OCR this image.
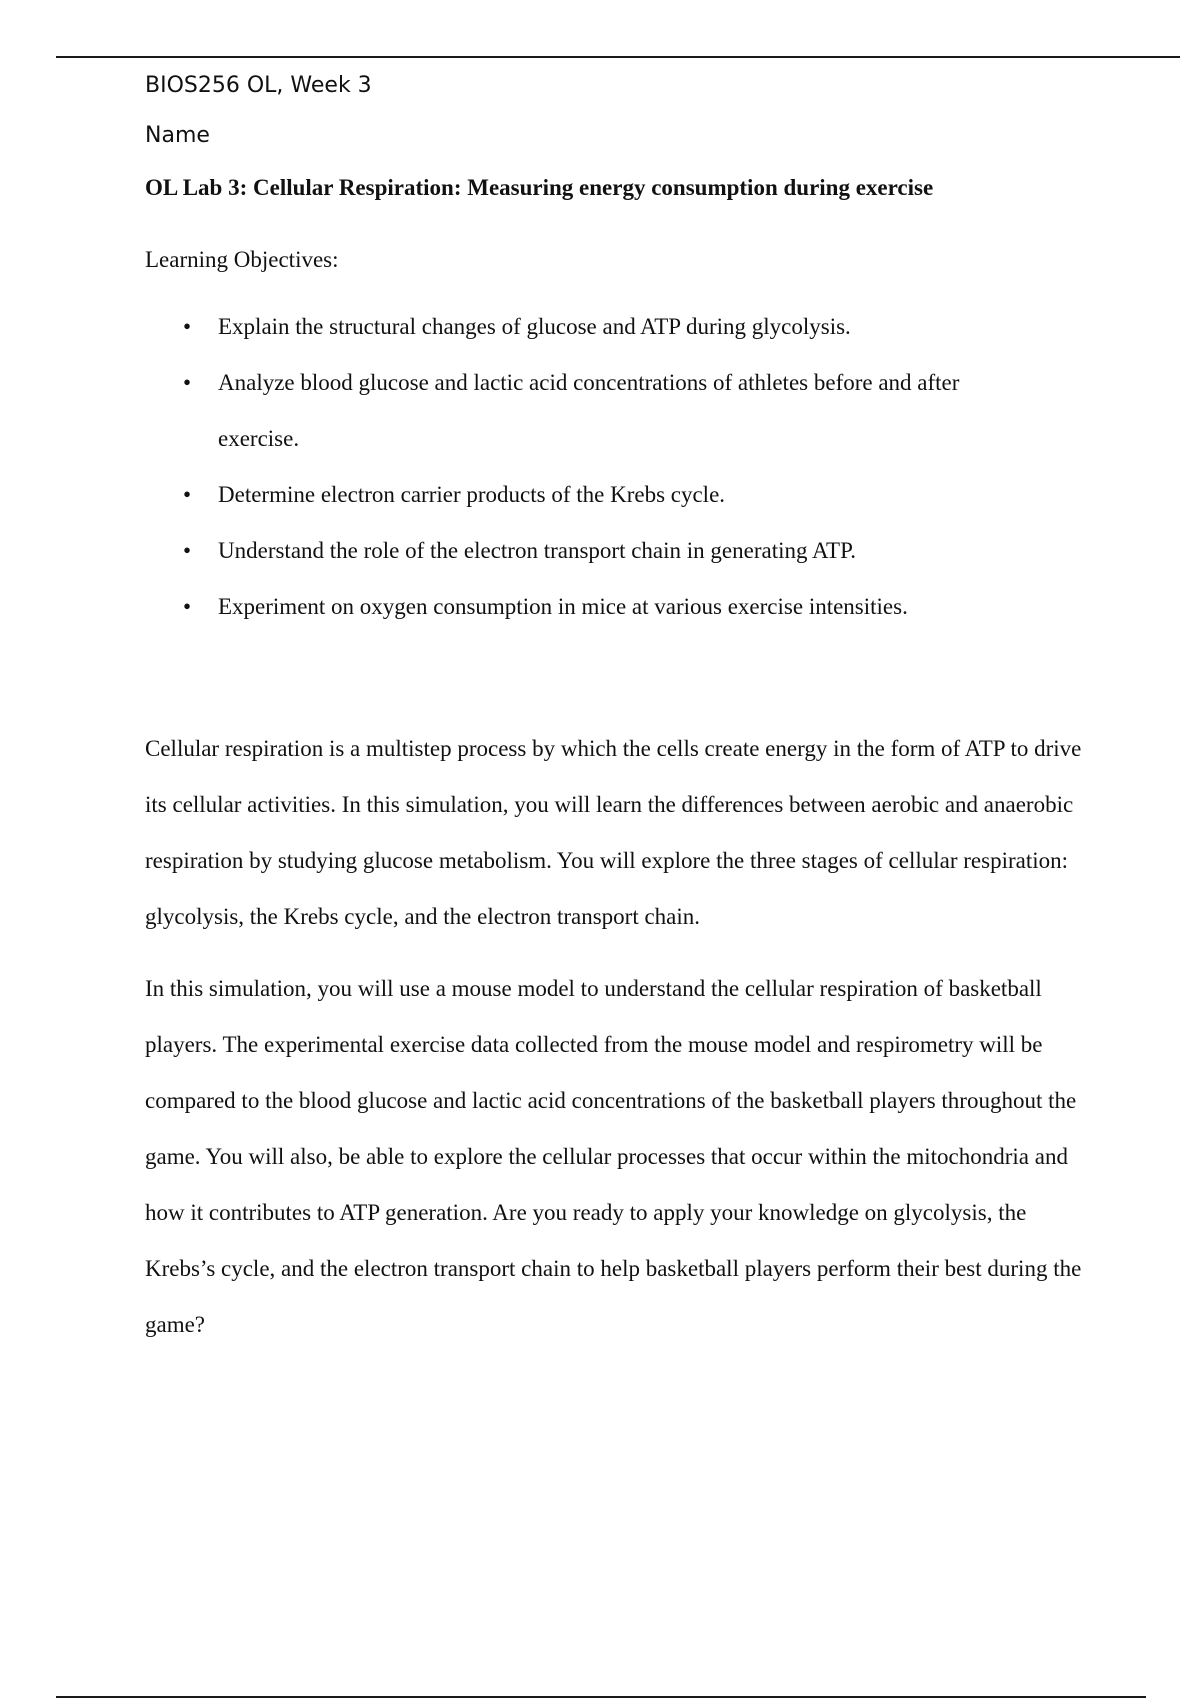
BIOS256 OL, Week 3

Name

OL Lab 3: Cellular Respiration: Measuring energy consumption during exercise

Learning Objectives:

• Explain the structural changes of glucose and ATP during glycolysis.
• Analyze blood glucose and lactic acid concentrations of athletes before and after exercise.
• Determine electron carrier products of the Krebs cycle.
• Understand the role of the electron transport chain in generating ATP.
• Experiment on oxygen consumption in mice at various exercise intensities.

Cellular respiration is a multistep process by which the cells create energy in the form of ATP to drive its cellular activities. In this simulation, you will learn the differences between aerobic and anaerobic respiration by studying glucose metabolism. You will explore the three stages of cellular respiration: glycolysis, the Krebs cycle, and the electron transport chain.

In this simulation, you will use a mouse model to understand the cellular respiration of basketball players. The experimental exercise data collected from the mouse model and respirometry will be compared to the blood glucose and lactic acid concentrations of the basketball players throughout the game. You will also, be able to explore the cellular processes that occur within the mitochondria and how it contributes to ATP generation. Are you ready to apply your knowledge on glycolysis, the Krebs’s cycle, and the electron transport chain to help basketball players perform their best during the game?
